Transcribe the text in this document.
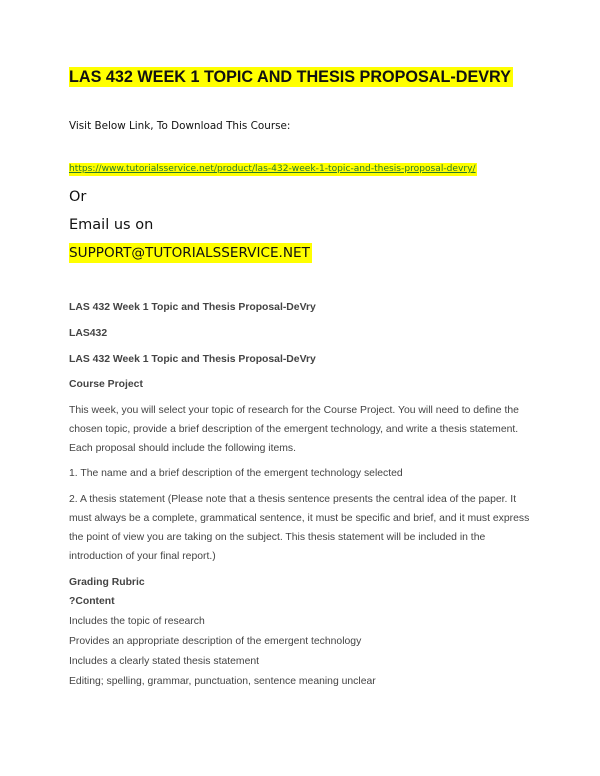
LAS 432 WEEK 1 TOPIC AND THESIS PROPOSAL-DEVRY
Visit Below Link, To Download This Course:
https://www.tutorialsservice.net/product/las-432-week-1-topic-and-thesis-proposal-devry/
Or
Email us on
SUPPORT@TUTORIALSSERVICE.NET
LAS 432 Week 1 Topic and Thesis Proposal-DeVry
LAS432
LAS 432 Week 1 Topic and Thesis Proposal-DeVry
Course Project
This week, you will select your topic of research for the Course Project. You will need to define the chosen topic, provide a brief description of the emergent technology, and write a thesis statement. Each proposal should include the following items.
1. The name and a brief description of the emergent technology selected
2. A thesis statement (Please note that a thesis sentence presents the central idea of the paper. It must always be a complete, grammatical sentence, it must be specific and brief, and it must express the point of view you are taking on the subject. This thesis statement will be included in the introduction of your final report.)
Grading Rubric
?Content
Includes the topic of research
Provides an appropriate description of the emergent technology
Includes a clearly stated thesis statement
Editing; spelling, grammar, punctuation, sentence meaning unclear
